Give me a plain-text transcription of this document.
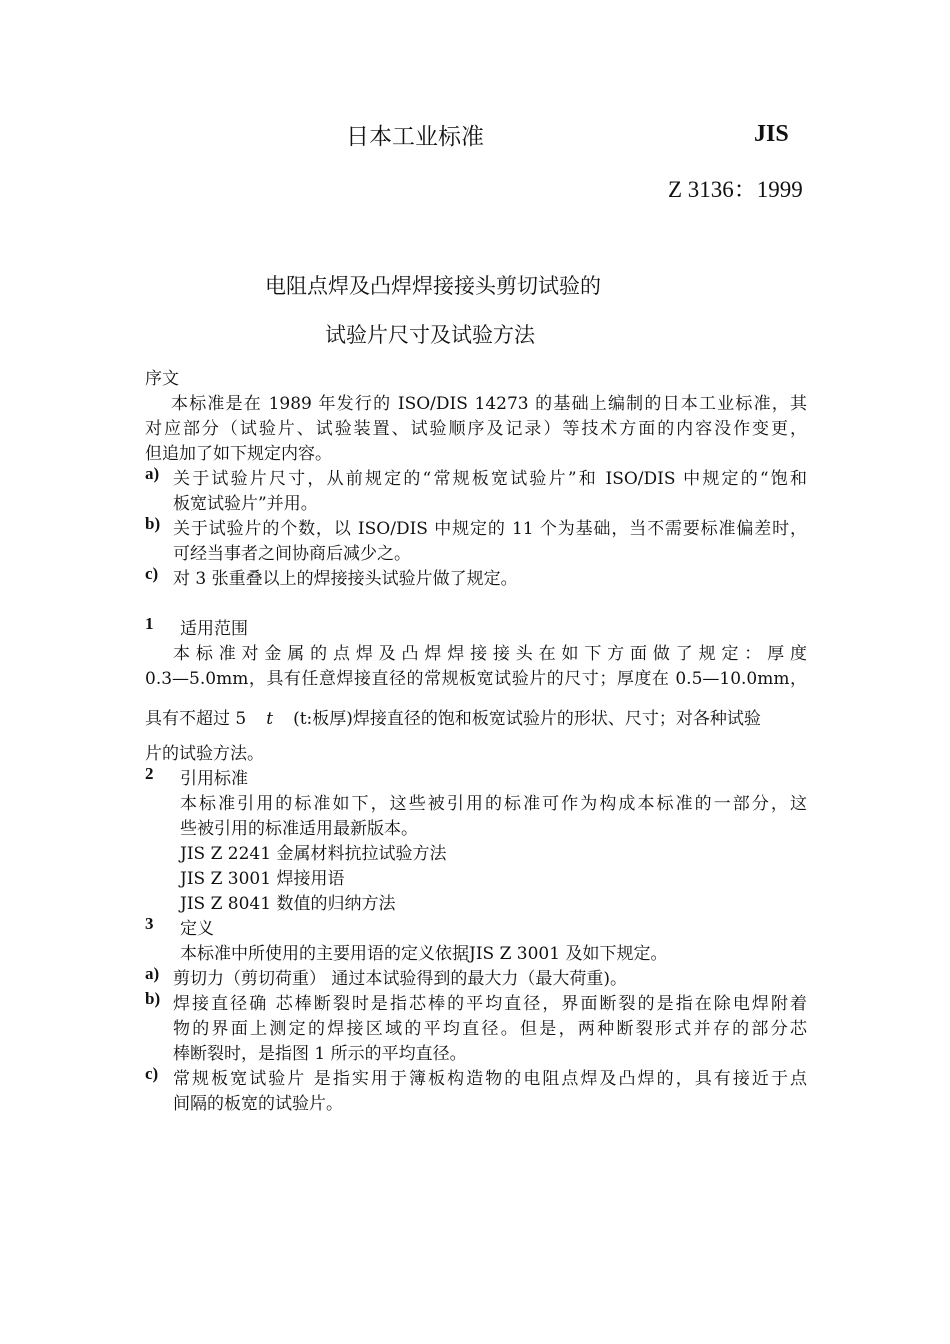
日本工业标准	JIS
Z 3136：1999
电阻点焊及凸焊焊接接头剪切试验的
试验片尺寸及试验方法
序文
本标准是在 1989 年发行的 ISO/DIS 14273 的基础上编制的日本工业标准，其
对应部分（试验片、试验装置、试验顺序及记录）等技术方面的内容没作变更，
但追加了如下规定内容。
a) 关于试验片尺寸，从前规定的“常规板宽试验片”和 ISO/DIS 中规定的“饱和
板宽试验片”并用。
b) 关于试验片的个数，以 ISO/DIS 中规定的 11 个为基础，当不需要标准偏差时，
可经当事者之间协商后减少之。
c) 对 3 张重叠以上的焊接接头试验片做了规定。
1 适用范围
本标准对金属的点焊及凸焊焊接接头在如下方面做了规定：厚度
0.3—5.0mm，具有任意焊接直径的常规板宽试验片的尺寸；厚度在 0.5—10.0mm，
具有不超过 5 t (t:板厚)焊接直径的饱和板宽试验片的形状、尺寸；对各种试验
片的试验方法。
2 引用标准
本标准引用的标准如下，这些被引用的标准可作为构成本标准的一部分，这
些被引用的标准适用最新版本。
JIS Z 2241 金属材料抗拉试验方法
JIS Z 3001 焊接用语
JIS Z 8041 数值的归纳方法
3 定义
本标准中所使用的主要用语的定义依据JIS Z 3001 及如下规定。
a) 剪切力（剪切荷重） 通过本试验得到的最大力（最大荷重)。
b) 焊接直径确 芯棒断裂时是指芯棒的平均直径，界面断裂的是指在除电焊附着
物的界面上测定的焊接区域的平均直径。但是，两种断裂形式并存的部分芯
棒断裂时，是指图 1 所示的平均直径。
c) 常规板宽试验片 是指实用于簿板构造物的电阻点焊及凸焊的，具有接近于点
间隔的板宽的试验片。
